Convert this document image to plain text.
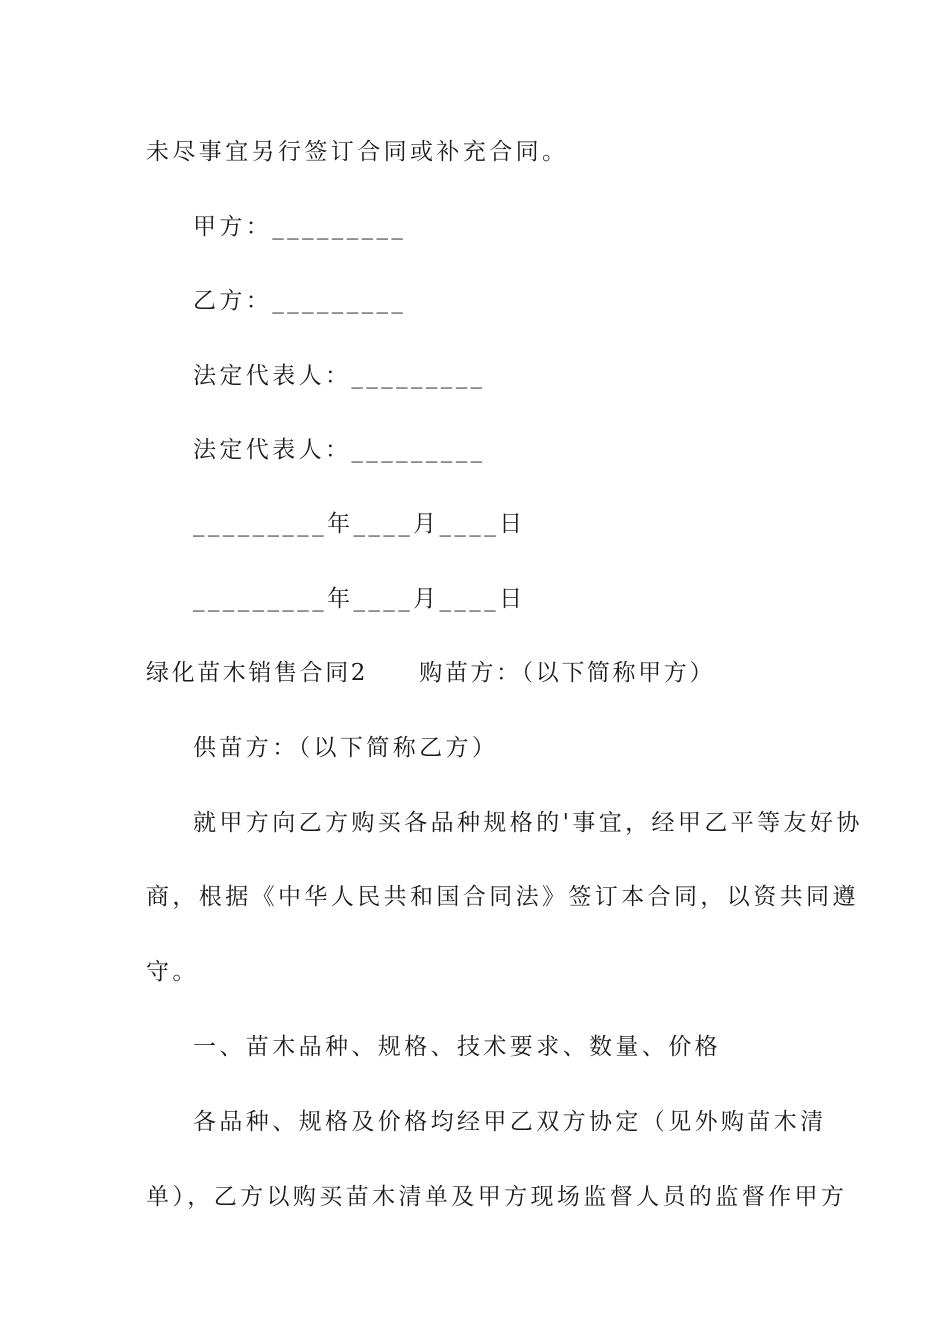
未尽事宜另行签订合同或补充合同。

甲方：_________

乙方：_________

法定代表人：_________

法定代表人：_________

_________年____月____日

_________年____月____日

绿化苗木销售合同2　　购苗方：（以下简称甲方）

供苗方：（以下简称乙方）

就甲方向乙方购买各品种规格的'事宜，经甲乙平等友好协

商，根据《中华人民共和国合同法》签订本合同，以资共同遵

守。

一、苗木品种、规格、技术要求、数量、价格

各品种、规格及价格均经甲乙双方协定（见外购苗木清

单），乙方以购买苗木清单及甲方现场监督人员的监督作甲方
